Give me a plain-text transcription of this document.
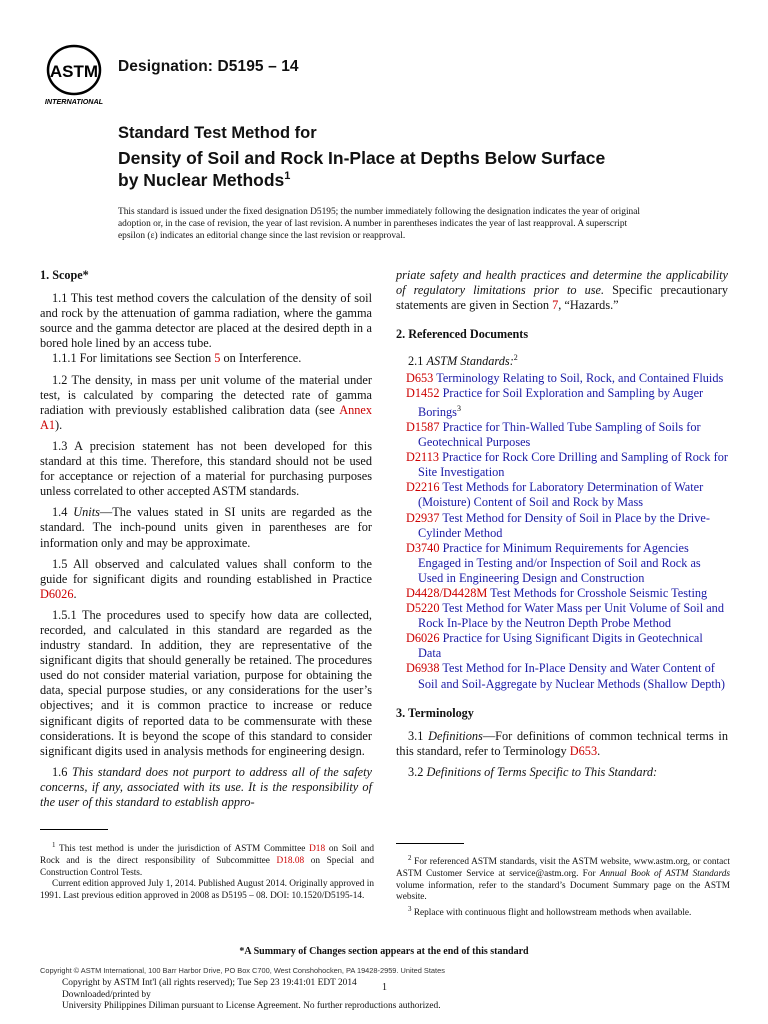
ASTM
INTERNATIONAL
Designation: D5195 – 14
Standard Test Method for
Density of Soil and Rock In-Place at Depths Below Surface
by Nuclear Methods$^1$
This standard is issued under the fixed designation D5195; the number immediately following the designation indicates the year of original adoption or, in the case of revision, the year of last revision. A number in parentheses indicates the year of last reapproval. A superscript epsilon (ε) indicates an editorial change since the last revision or reapproval.

1. Scope*

1.1 This test method covers the calculation of the density of soil and rock by the attenuation of gamma radiation, where the gamma source and the gamma detector are placed at the desired depth in a bored hole lined by an access tube.

1.1.1 For limitations see Section 5 on Interference.

1.2 The density, in mass per unit volume of the material under test, is calculated by comparing the detected rate of gamma radiation with previously established calibration data (see Annex A1).

1.3 A precision statement has not been developed for this standard at this time. Therefore, this standard should not be used for acceptance or rejection of a material for purchasing purposes unless correlated to other accepted ASTM standards.

1.4 Units—The values stated in SI units are regarded as the standard. The inch-pound units given in parentheses are for information only and may be approximate.

1.5 All observed and calculated values shall conform to the guide for significant digits and rounding established in Practice D6026.

1.5.1 The procedures used to specify how data are collected, recorded, and calculated in this standard are regarded as the industry standard. In addition, they are representative of the significant digits that should generally be retained. The procedures used do not consider material variation, purpose for obtaining the data, special purpose studies, or any considerations for the user’s objectives; and it is common practice to increase or reduce significant digits of reported data to be commensurate with these considerations. It is beyond the scope of this standard to consider significant digits used in analysis methods for engineering design.

1.6 This standard does not purport to address all of the safety concerns, if any, associated with its use. It is the responsibility of the user of this standard to establish appro-

priate safety and health practices and determine the applicability of regulatory limitations prior to use. Specific precautionary statements are given in Section 7, “Hazards.”

2. Referenced Documents

2.1 ASTM Standards:$^2$

D653 Terminology Relating to Soil, Rock, and Contained Fluids

D1452 Practice for Soil Exploration and Sampling by Auger Borings$^3$

D1587 Practice for Thin-Walled Tube Sampling of Soils for Geotechnical Purposes

D2113 Practice for Rock Core Drilling and Sampling of Rock for Site Investigation

D2216 Test Methods for Laboratory Determination of Water (Moisture) Content of Soil and Rock by Mass

D2937 Test Method for Density of Soil in Place by the Drive-Cylinder Method

D3740 Practice for Minimum Requirements for Agencies Engaged in Testing and/or Inspection of Soil and Rock as Used in Engineering Design and Construction

D4428/D4428M Test Methods for Crosshole Seismic Testing

D5220 Test Method for Water Mass per Unit Volume of Soil and Rock In-Place by the Neutron Depth Probe Method

D6026 Practice for Using Significant Digits in Geotechnical Data

D6938 Test Method for In-Place Density and Water Content of Soil and Soil-Aggregate by Nuclear Methods (Shallow Depth)

3. Terminology

3.1 Definitions—For definitions of common technical terms in this standard, refer to Terminology D653.

3.2 Definitions of Terms Specific to This Standard:

$^1$ This test method is under the jurisdiction of ASTM Committee D18 on Soil and Rock and is the direct responsibility of Subcommittee D18.08 on Special and Construction Control Tests.

Current edition approved July 1, 2014. Published August 2014. Originally approved in 1991. Last previous edition approved in 2008 as D5195 – 08. DOI: 10.1520/D5195-14.

$^2$ For referenced ASTM standards, visit the ASTM website, www.astm.org, or contact ASTM Customer Service at service@astm.org. For Annual Book of ASTM Standards volume information, refer to the standard’s Document Summary page on the ASTM website.

$^3$ Replace with continuous flight and hollowstream methods when available.

*A Summary of Changes section appears at the end of this standard
Copyright © ASTM International, 100 Barr Harbor Drive, PO Box C700, West Conshohocken, PA 19428-2959. United States
Copyright by ASTM Int'l (all rights reserved); Tue Sep 23 19:41:01 EDT 2014
Downloaded/printed by
University Philippines Diliman pursuant to License Agreement. No further reproductions authorized.
1
